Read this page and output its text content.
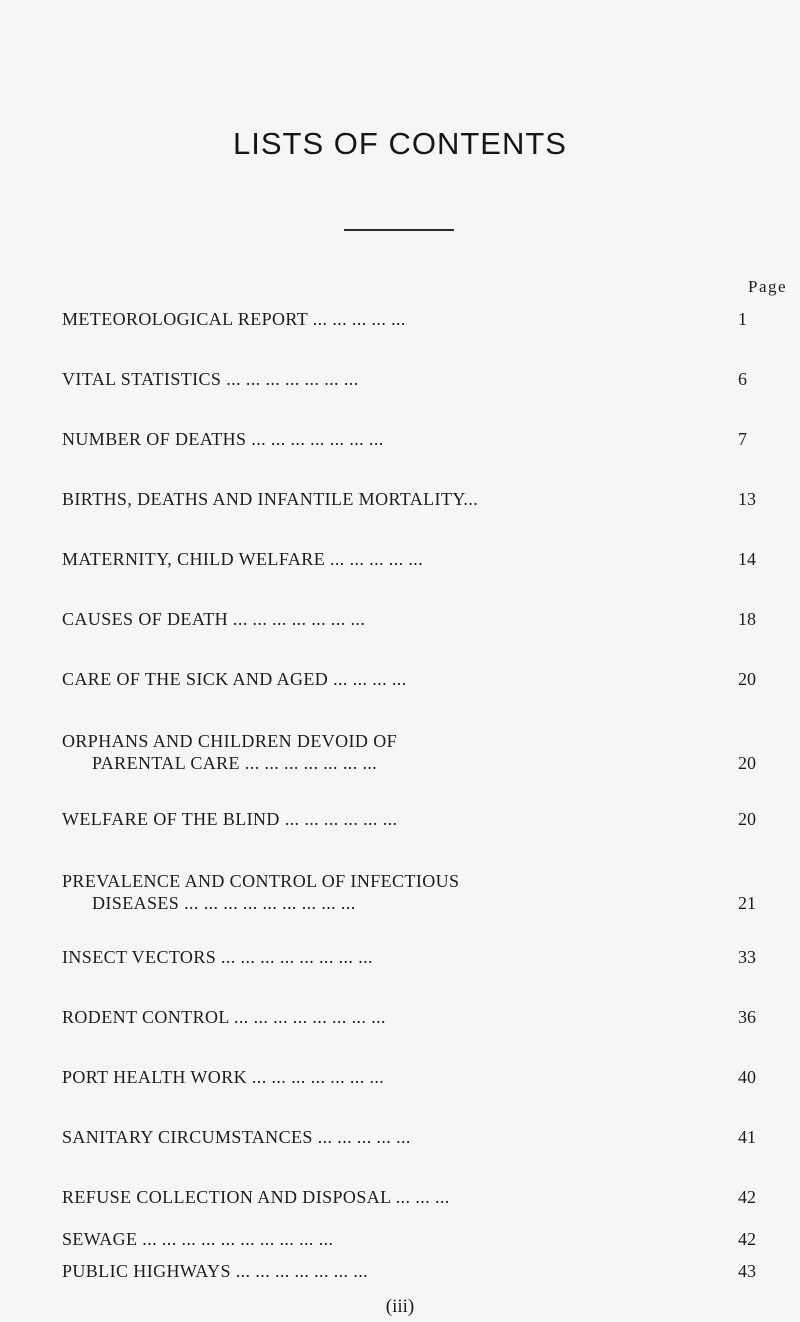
LISTS OF CONTENTS
Page
METEOROLOGICAL REPORT ... ... ... ... ...	1
VITAL STATISTICS ... ... ... ... ... ... ...	6
NUMBER OF DEATHS ... ... ... ... ... ... ...	7
BIRTHS, DEATHS AND INFANTILE MORTALITY...	13
MATERNITY, CHILD WELFARE ... ... ... ... ...	14
CAUSES OF DEATH ... ... ... ... ... ... ...	18
CARE OF THE SICK AND AGED ... ... ... ...	20
ORPHANS AND CHILDREN DEVOID OF
PARENTAL CARE ... ... ... ... ... ... ...	20
WELFARE OF THE BLIND ... ... ... ... ... ...	20
PREVALENCE AND CONTROL OF INFECTIOUS
DISEASES ... ... ... ... ... ... ... ... ...	21
INSECT VECTORS ... ... ... ... ... ... ... ...	33
RODENT CONTROL ... ... ... ... ... ... ... ...	36
PORT HEALTH WORK ... ... ... ... ... ... ...	40
SANITARY CIRCUMSTANCES ... ... ... ... ...	41
REFUSE COLLECTION AND DISPOSAL ... ... ...	42
SEWAGE ... ... ... ... ... ... ... ... ... ...	42
PUBLIC HIGHWAYS ... ... ... ... ... ... ...	43
(iii)
